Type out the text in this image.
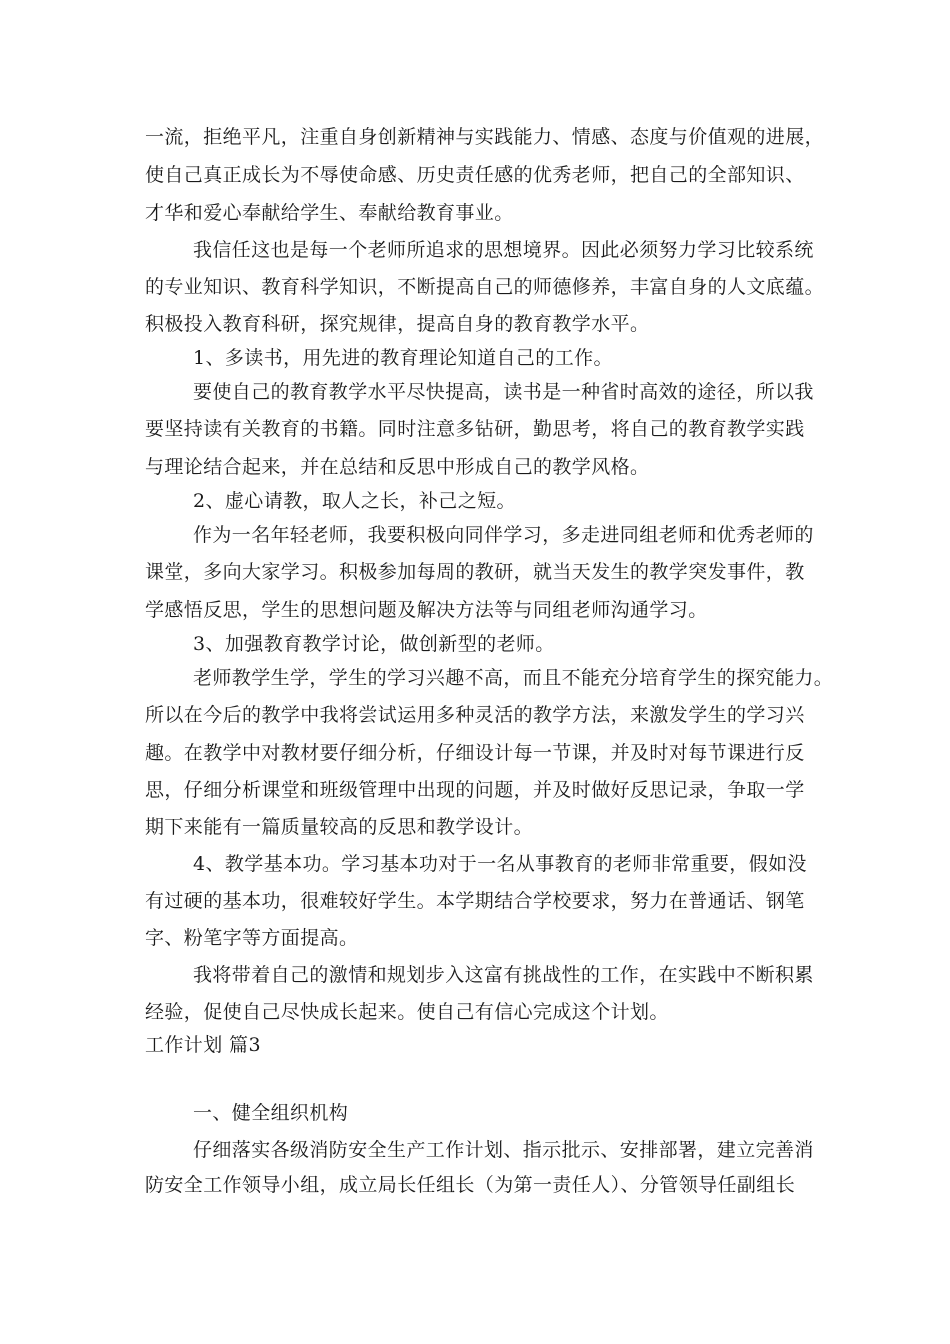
一流，拒绝平凡，注重自身创新精神与实践能力、情感、态度与价值观的进展，
使自己真正成长为不辱使命感、历史责任感的优秀老师，把自己的全部知识、
才华和爱心奉献给学生、奉献给教育事业。
我信任这也是每一个老师所追求的思想境界。因此必须努力学习比较系统
的专业知识、教育科学知识，不断提高自己的师德修养，丰富自身的人文底蕴。
积极投入教育科研，探究规律，提高自身的教育教学水平。
1、多读书，用先进的教育理论知道自己的工作。
要使自己的教育教学水平尽快提高，读书是一种省时高效的途径，所以我
要坚持读有关教育的书籍。同时注意多钻研，勤思考，将自己的教育教学实践
与理论结合起来，并在总结和反思中形成自己的教学风格。
2、虚心请教，取人之长，补己之短。
作为一名年轻老师，我要积极向同伴学习，多走进同组老师和优秀老师的
课堂，多向大家学习。积极参加每周的教研，就当天发生的教学突发事件，教
学感悟反思，学生的思想问题及解决方法等与同组老师沟通学习。
3、加强教育教学讨论，做创新型的老师。
老师教学生学，学生的学习兴趣不高，而且不能充分培育学生的探究能力。
所以在今后的教学中我将尝试运用多种灵活的教学方法，来激发学生的学习兴
趣。在教学中对教材要仔细分析，仔细设计每一节课，并及时对每节课进行反
思，仔细分析课堂和班级管理中出现的问题，并及时做好反思记录，争取一学
期下来能有一篇质量较高的反思和教学设计。
4、教学基本功。学习基本功对于一名从事教育的老师非常重要，假如没
有过硬的基本功，很难较好学生。本学期结合学校要求，努力在普通话、钢笔
字、粉笔字等方面提高。
我将带着自己的激情和规划步入这富有挑战性的工作，在实践中不断积累
经验，促使自己尽快成长起来。使自己有信心完成这个计划。
工作计划 篇3
一、健全组织机构
仔细落实各级消防安全生产工作计划、指示批示、安排部署，建立完善消
防安全工作领导小组，成立局长任组长（为第一责任人）、分管领导任副组长
